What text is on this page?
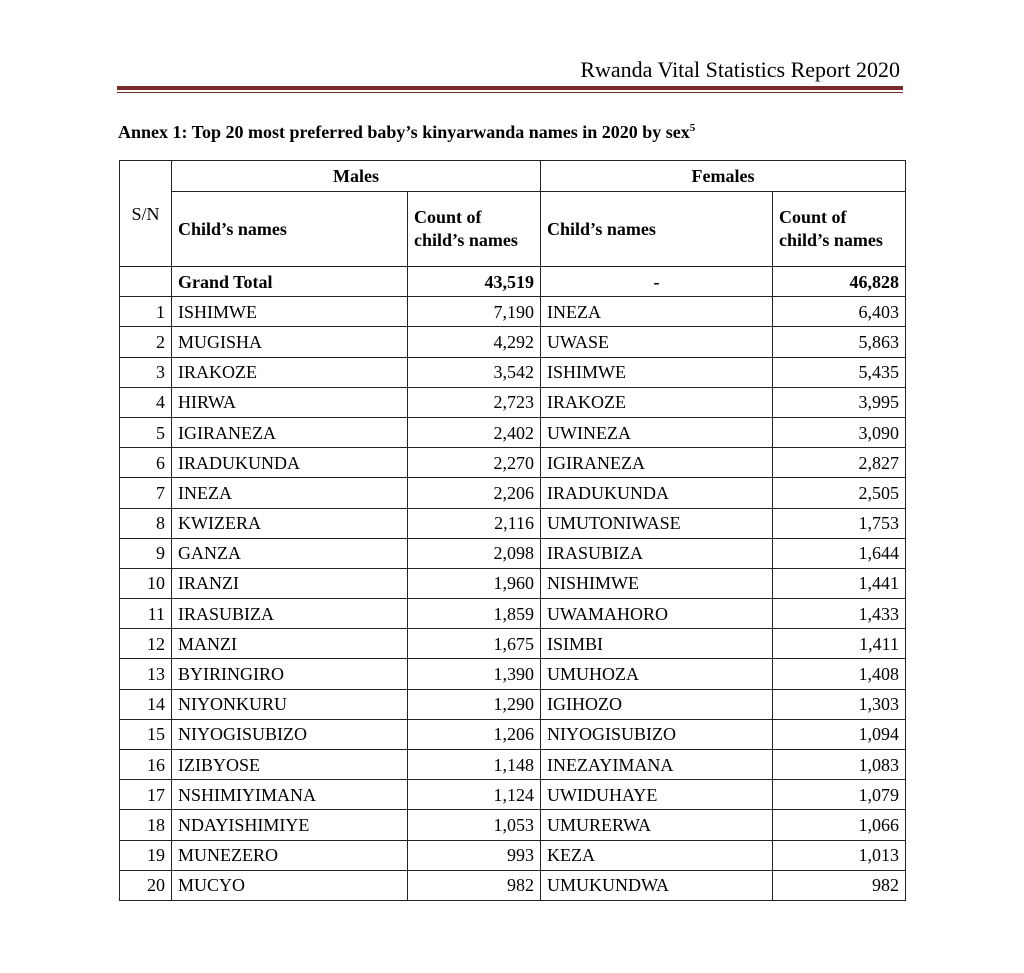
Rwanda Vital Statistics Report 2020
Annex 1: Top 20 most preferred baby’s kinyarwanda names in 2020 by sex$^5$
S/N	Males		Females	
	Child’s names	Count of child’s names	Child’s names	Count of child’s names
	Grand Total	43,519	-	46,828
1	ISHIMWE	7,190	INEZA	6,403
2	MUGISHA	4,292	UWASE	5,863
3	IRAKOZE	3,542	ISHIMWE	5,435
4	HIRWA	2,723	IRAKOZE	3,995
5	IGIRANEZA	2,402	UWINEZA	3,090
6	IRADUKUNDA	2,270	IGIRANEZA	2,827
7	INEZA	2,206	IRADUKUNDA	2,505
8	KWIZERA	2,116	UMUTONIWASE	1,753
9	GANZA	2,098	IRASUBIZA	1,644
10	IRANZI	1,960	NISHIMWE	1,441
11	IRASUBIZA	1,859	UWAMAHORO	1,433
12	MANZI	1,675	ISIMBI	1,411
13	BYIRINGIRO	1,390	UMUHOZA	1,408
14	NIYONKURU	1,290	IGIHOZO	1,303
15	NIYOGISUBIZO	1,206	NIYOGISUBIZO	1,094
16	IZIBYOSE	1,148	INEZAYIMANA	1,083
17	NSHIMIYIMANA	1,124	UWIDUHAYE	1,079
18	NDAYISHIMIYE	1,053	UMURERWA	1,066
19	MUNEZERO	993	KEZA	1,013
20	MUCYO	982	UMUKUNDWA	982
